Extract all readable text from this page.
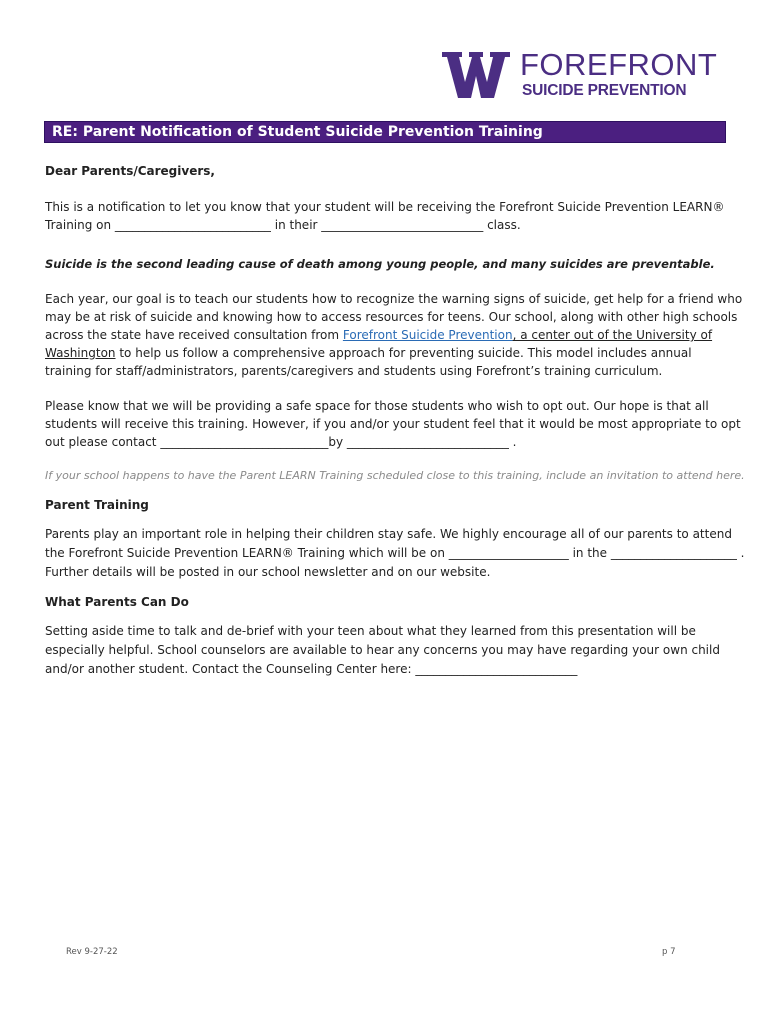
FOREFRONT
SUICIDE PREVENTION
RE: Parent Notification of Student Suicide Prevention Training
Dear Parents/Caregivers,
This is a notification to let you know that your student will be receiving the Forefront Suicide Prevention LEARN®
Training on __________________________ in their ___________________________ class.
Suicide is the second leading cause of death among young people, and many suicides are preventable.
Each year, our goal is to teach our students how to recognize the warning signs of suicide, get help for a friend who
may be at risk of suicide and knowing how to access resources for teens. Our school, along with other high schools
across the state have received consultation from Forefront Suicide Prevention, a center out of the University of
Washington to help us follow a comprehensive approach for preventing suicide. This model includes annual
training for staff/administrators, parents/caregivers and students using Forefront’s training curriculum.
Please know that we will be providing a safe space for those students who wish to opt out. Our hope is that all
students will receive this training. However, if you and/or your student feel that it would be most appropriate to opt
out please contact ____________________________by ___________________________ .
If your school happens to have the Parent LEARN Training scheduled close to this training, include an invitation to attend here.
Parent Training
Parents play an important role in helping their children stay safe. We highly encourage all of our parents to attend
the Forefront Suicide Prevention LEARN® Training which will be on ____________________ in the _____________________ .
Further details will be posted in our school newsletter and on our website.
What Parents Can Do
Setting aside time to talk and de-brief with your teen about what they learned from this presentation will be
especially helpful. School counselors are available to hear any concerns you may have regarding your own child
and/or another student. Contact the Counseling Center here: ___________________________
Rev 9-27-22	p 7
